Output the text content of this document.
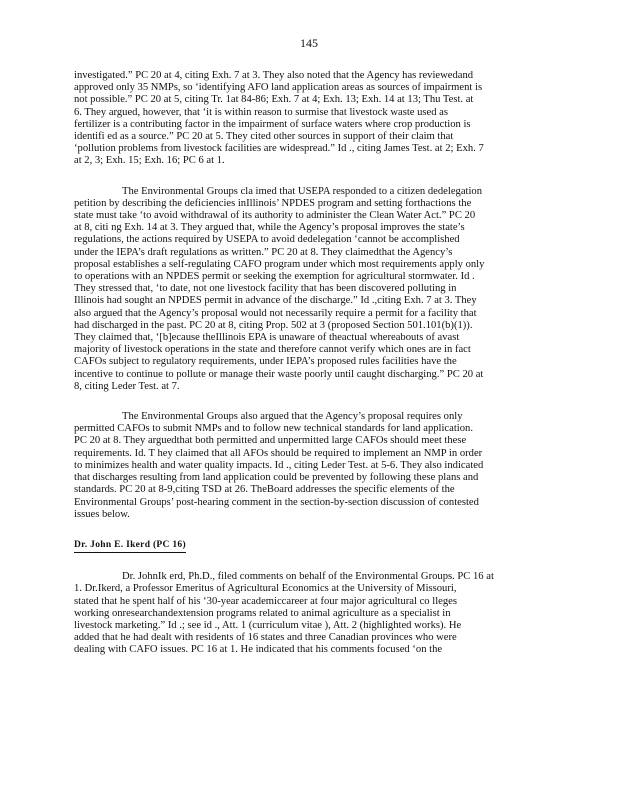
145

investigated.” PC 20 at 4, citing Exh. 7 at 3. They also noted that the Agency has reviewedand
approved only 35 NMPs, so ‘identifying AFO land application areas as sources of impairment is
not possible.” PC 20 at 5, citing Tr. 1at 84-86; Exh. 7 at 4; Exh. 13; Exh. 14 at 13; Thu Test. at
6. They argued, however, that ‘it is within reason to surmise that livestock waste used as
fertilizer is a contributing factor in the impairment of surface waters where crop production is
identifi ed as a source.” PC 20 at 5. They cited other sources in support of their claim that
‘pollution problems from livestock facilities are widespread.” Id ., citing James Test. at 2; Exh. 7
at 2, 3; Exh. 15; Exh. 16; PC 6 at 1.

The Environmental Groups cla imed that USEPA responded to a citizen dedelegation
petition by describing the deficiencies inIllinois’ NPDES program and setting forthactions the
state must take ‘to avoid withdrawal of its authority to administer the Clean Water Act.” PC 20
at 8, citi ng Exh. 14 at 3. They argued that, while the Agency’s proposal improves the state’s
regulations, the actions required by USEPA to avoid dedelegation ‘cannot be accomplished
under the IEPA’s draft regulations as written.” PC 20 at 8. They claimedthat the Agency’s
proposal establishes a self-regulating CAFO program under which most requirements apply only
to operations with an NPDES permit or seeking the exemption for agricultural stormwater. Id .
They stressed that, ‘to date, not one livestock facility that has been discovered polluting in
Illinois had sought an NPDES permit in advance of the discharge.” Id .,citing Exh. 7 at 3. They
also argued that the Agency’s proposal would not necessarily require a permit for a facility that
had discharged in the past. PC 20 at 8, citing Prop. 502 at 3 (proposed Section 501.101(b)(1)).
They claimed that, ‘[b]ecause theIllinois EPA is unaware of theactual whereabouts of avast
majority of livestock operations in the state and therefore cannot verify which ones are in fact
CAFOs subject to regulatory requirements, under IEPA’s proposed rules facilities have the
incentive to continue to pollute or manage their waste poorly until caught discharging.” PC 20 at
8, citing Leder Test. at 7.

The Environmental Groups also argued that the Agency’s proposal requires only
permitted CAFOs to submit NMPs and to follow new technical standards for land application.
PC 20 at 8. They arguedthat both permitted and unpermitted large CAFOs should meet these
requirements. Id. T hey claimed that all AFOs should be required to implement an NMP in order
to minimizes health and water quality impacts. Id ., citing Leder Test. at 5-6. They also indicated
that discharges resulting from land application could be prevented by following these plans and
standards. PC 20 at 8-9,citing TSD at 26. TheBoard addresses the specific elements of the
Environmental Groups’ post-hearing comment in the section-by-section discussion of contested
issues below.

Dr. John E. Ikerd (PC 16)

Dr. JohnIk erd, Ph.D., filed comments on behalf of the Environmental Groups. PC 16 at
1. Dr.Ikerd, a Professor Emeritus of Agricultural Economics at the University of Missouri,
stated that he spent half of his ‘30-year academiccareer at four major agricultural co lleges
working onresearchandextension programs related to animal agriculture as a specialist in
livestock marketing.” Id .; see id ., Att. 1 (curriculum vitae ), Att. 2 (highlighted works). He
added that he had dealt with residents of 16 states and three Canadian provinces who were
dealing with CAFO issues. PC 16 at 1. He indicated that his comments focused ‘on the
